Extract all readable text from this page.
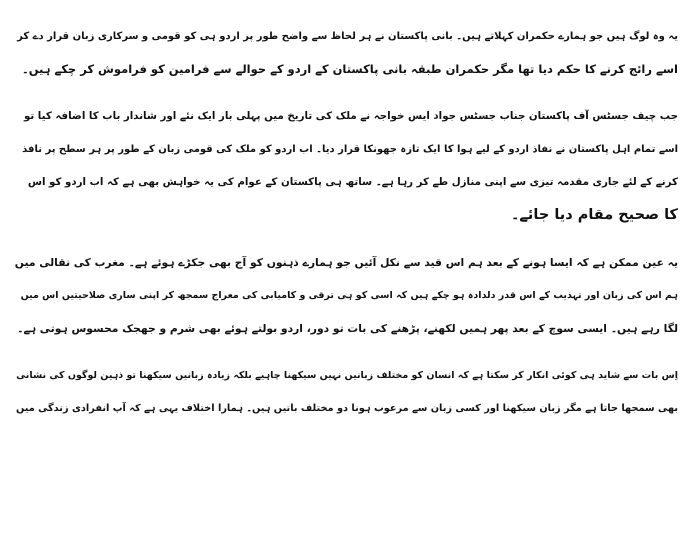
یہ وہ لوگ ہیں جو ہمارے حکمران کہلاتے ہیں۔ بانی پاکستان نے ہر لحاظ سے واضح طور پر اردو ہی کو قومی و سرکاری زبان قرار دے کر
اسے رائج کرنے کا حکم دیا تھا مگر حکمران طبقہ بانی پاکستان کے اردو کے حوالے سے فرامین کو فراموش کر چکے ہیں۔
جب چیف جسٹس آف پاکستان جناب جسٹس جواد ایس خواجہ نے ملک کی تاریخ میں پہلی بار ایک نئے اور شاندار باب کا اضافہ کیا تو
اسے تمام اہل پاکستان نے نفاذ اردو کے لیے ہوا کا ایک تازہ جھونکا قرار دیا۔ اب اردو کو ملک کی قومی زبان کے طور پر ہر سطح پر نافذ
کرنے کے لئے جاری مقدمہ تیزی سے اپنی منازل طے کر رہا ہے۔ ساتھ ہی پاکستان کے عوام کی یہ خواہش بھی ہے کہ اب اردو کو اس
کا صحیح مقام دیا جائے۔
یہ عین ممکن ہے کہ ایسا ہونے کے بعد ہم اس قید سے نکل آئیں جو ہمارے ذہنوں کو آج بھی جکڑے ہوئے ہے۔ مغرب کی نقالی میں
ہم اس کی زبان اور تہذیب کے اس قدر دلدادہ ہو چکے ہیں کہ اسی کو ہی ترقی و کامیابی کی معراج سمجھ کر اپنی ساری صلاحیتیں اس میں
لگا رہے ہیں۔ ایسی سوچ کے بعد پھر ہمیں لکھنے، پڑھنے کی بات تو دور، اردو بولتے ہوئے بھی شرم و جھجک محسوس ہوتی ہے۔
اِس بات سے شاید ہی کوئی انکار کر سکتا ہے کہ انسان کو مختلف زبانیں نہیں سیکھنا چاہیے بلکہ زیادہ زبانیں سیکھنا تو ذہین لوگوں کی نشانی
بھی سمجھا جاتا ہے مگر زبان سیکھنا اور کسی زبان سے مرعوب ہونا دو مختلف باتیں ہیں۔ ہمارا اختلاف یہی ہے کہ آپ انفرادی زندگی میں
